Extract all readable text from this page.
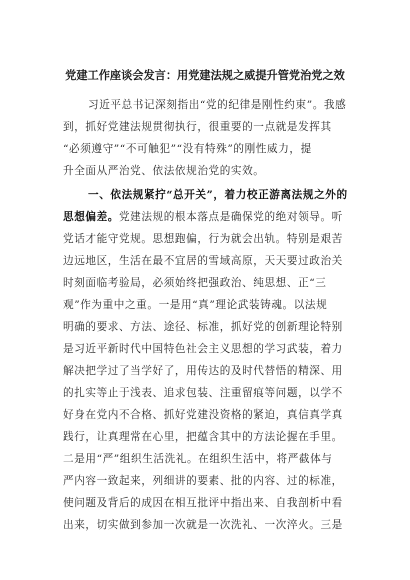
党建工作座谈会发言：用党建法规之威提升管党治党之效
习近平总书记深刻指出“党的纪律是刚性约束”。我感
到，抓好党建法规贯彻执行，很重要的一点就是发挥其
“必须遵守”“不可触犯”“没有特殊”的刚性威力，提
升全面从严治党、依法依规治党的实效。
一、依法规紧拧“总开关”，着力校正游离法规之外的
思想偏差。党建法规的根本落点是确保党的绝对领导。听
党话才能守党规。思想跑偏，行为就会出轨。特别是艰苦
边远地区，生活在最不宜居的雪域高原，天天要过政治关
时刻面临考验局，必须始终把强政治、纯思想、正“三
观”作为重中之重。一是用“真”理论武装铸魂。以法规
明确的要求、方法、途径、标准，抓好党的创新理论特别
是习近平新时代中国特色社会主义思想的学习武装，着力
解决把学过了当学好了，用传达的及时代替悟的精深、用
的扎实等止于浅表、追求包装、注重留痕等问题，以学不
好身在党内不合格、抓好党建没资格的紧迫，真信真学真
践行，让真理常在心里，把蕴含其中的方法论握在手里。
二是用“严”组织生活洗礼。在组织生活中，将严截体与
严内容一致起来，列细讲的要素、批的内容、过的标准，
使问题及背后的成因在相互批评中指出来、自我剖析中看
出来，切实做到参加一次就是一次洗礼、一次淬火。三是
